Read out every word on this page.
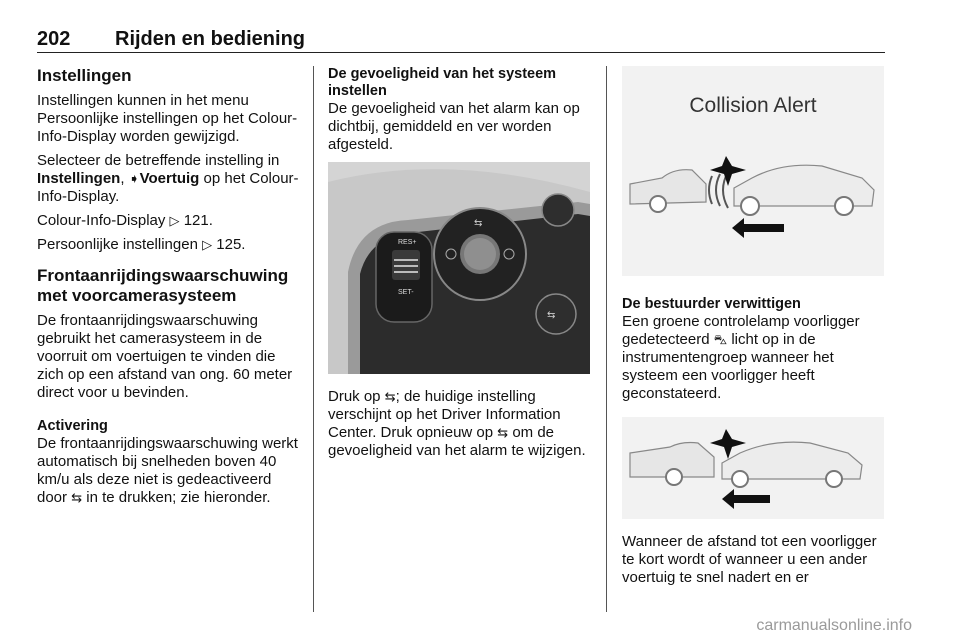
202 Rijden en bediening
Instellingen

Instellingen kunnen in het menu Persoonlijke instellingen op het Colour-Info-Display worden gewijzigd.

Selecteer de betreffende instelling in Instellingen, ➧Voertuig op het Colour-Info-Display.

Colour-Info-Display ▷ 121.

Persoonlijke instellingen ▷ 125.

Frontaanrijdingswaarschuwing met voorcamerasysteem

De frontaanrijdingswaarschuwing gebruikt het camerasysteem in de voorruit om voertuigen te vinden die zich op een afstand van ong. 60 meter direct voor u bevinden.

Activering

De frontaanrijdingswaarschuwing werkt automatisch bij snelheden boven 40 km/u als deze niet is gedeactiveerd door ⇆ in te drukken; zie hieronder.

De gevoeligheid van het systeem instellen

De gevoeligheid van het alarm kan op dichtbij, gemiddeld en ver worden afgesteld.

RES+
SET-
⇆
⇆

Druk op ⇆; de huidige instelling verschijnt op het Driver Information Center. Druk opnieuw op ⇆ om de gevoeligheid van het alarm te wijzigen.

Collision Alert
De bestuurder verwittigen

Een groene controlelamp voorligger gedetecteerd ⛍ licht op in de instrumentengroep wanneer het systeem een voorligger heeft geconstateerd.

Wanneer de afstand tot een voorligger te kort wordt of wanneer u een ander voertuig te snel nadert en er

carmanualsonline.info
